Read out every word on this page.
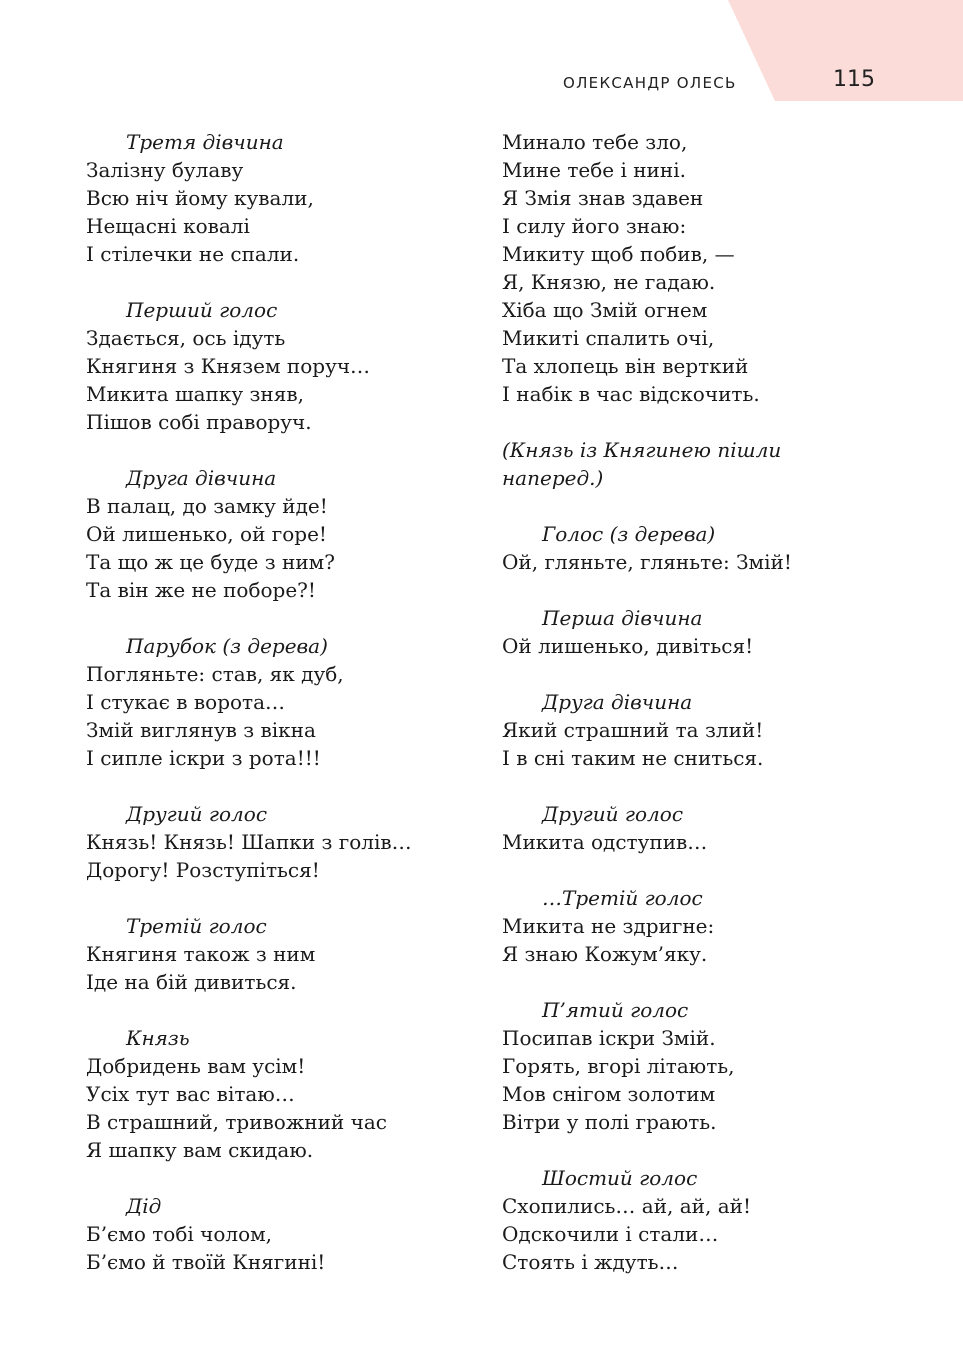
ОЛЕКСАНДР ОЛЕСЬ	115
Третя дівчина
Залізну булаву
Всю ніч йому кували,
Нещасні ковалі
І стілечки не спали.
Перший голос
Здається, ось ідуть
Княгиня з Князем поруч…
Микита шапку зняв,
Пішов собі праворуч.
Друга дівчина
В палац, до замку йде!
Ой лишенько, ой горе!
Та що ж це буде з ним?
Та він же не поборе?!
Парубок (з дерева)
Погляньте: став, як дуб,
І стукає в ворота…
Змій виглянув з вікна
І сипле іскри з рота!!!
Другий голос
Князь! Князь! Шапки з голів…
Дорогу! Розступіться!
Третій голос
Княгиня також з ним
Іде на бій дивиться.
Князь
Добридень вам усім!
Усіх тут вас вітаю…
В страшний, тривожний час
Я шапку вам скидаю.
Дід
Б’ємо тобі чолом,
Б’ємо й твоїй Княгині!
Минало тебе зло,
Мине тебе і нині.
Я Змія знав здавен
І силу його знаю:
Микиту щоб побив, —
Я, Князю, не гадаю.
Хіба що Змій огнем
Микиті спалить очі,
Та хлопець він верткий
І набік в час відскочить.
(Князь із Княгинею пішли
наперед.)
Голос (з дерева)
Ой, гляньте, гляньте: Змій!
Перша дівчина
Ой лишенько, дивіться!
Друга дівчина
Який страшний та злий!
І в сні таким не сниться.
Другий голос
Микита одступив…
…Третій голос
Микита не здригне:
Я знаю Кожум’яку.
П’ятий голос
Посипав іскри Змій.
Горять, вгорі літають,
Мов снігом золотим
Вітри у полі грають.
Шостий голос
Схопились… ай, ай, ай!
Одскочили і стали…
Стоять і ждуть…
